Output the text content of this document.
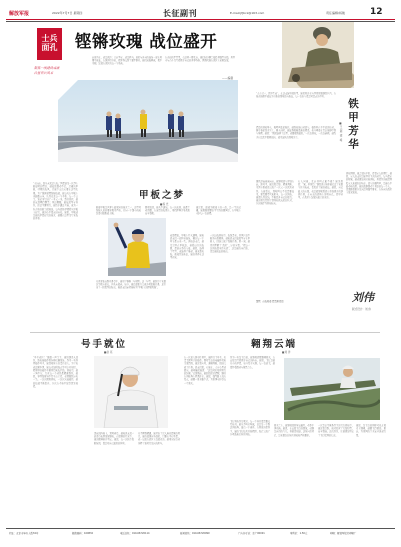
解放军报	2022年7月7日 星期四	长征副刊	E-mail:jfjbcz@163.com	责任编辑/杨骏	12
士兵
面孔
聚焦一线建设成就
凸显官兵风采
铿锵玫瑰 战位盛开
兵员所在，就是战位；官兵坚守，就是担当。他们与各自的装备一起在风雨中成长，在演训中淬炼，把青春交给了强军事业。她们英姿飒爽，柔中带刚，绽放在战位的每一个角落。
在火热的军营里，有这样一群女兵，她们以巾帼之姿投身强军实践，用坚守与奋斗书写着属于自己的青春答卷，铿锵玫瑰在战位上竞相绽放。
——编者
铁甲芳华
■王 超 梁 峰
“人车合一，铁甲生威”。在这支装甲部队里，她们用汗水与坚韧征服钢铁巨兽，在炮火硝烟中成长为合格的驾驶员与炮长，每一次出车都是对意志的考验。
清晨的训练场上，轰鸣声此起彼伏。她熟练地启动战车，操纵杆在手中灵活转动，履带卷起漫天尘土。刚入伍时，她连驾驶舱都难以爬进，如今却能在复杂地形中驾车驰骋。她说：“既然选择了这里，就要做到最好。”一次次训练，一次次磨砺，她终于在比武中脱颖而出，成为连队的驾驶尖子。
甲板之梦
■杨 光
“入伍前，我从未见过大海。”回想起第一次登上航母时的情景，她依然激动不已。辽阔的甲板、呼啸的海风，让她下定决心要在这里扎根。为了掌握起降保障技能，她每天在甲板上奔跑数万步，认真记录每一个手势、每一个口令，笔记本写满了一本又一本。烈日炙烤，她的皮肤晒得黝黑；风浪颠簸，她依然坚守岗位。经过不懈努力，她终于通过考核，成为一名合格的航空保障员。每当战机呼啸着从甲板上起飞，她的心中都充满自豪。她说，甲板就是她的梦想起飞的地方，她要在这里书写无悔的青春。
航母甲板是世界上最危险的地方之一，这里对保障人员的要求极为严格，任何一个细小的疏忽都可能酿成大祸。
面对挑战，她从不退缩。每一次夜训，她都主动请缨，在漆黑的海面上，用指挥棒引导战机安全着舰。
她常说，能成为航母上的一员，是一生的荣耀。她愿做那颗永不生锈的螺丝钉，在甲板上守护每一次起降。
夜幕降临，甲板上灯火通明。她和战友们一起检查装备，确认每一个环节都万无一失。训练结束后，她常常坐在甲板边，望着远方的海面，想起家乡的父母。她说，选择了军营，就选择了奉献，她无怨无悔。航母劈波斩浪，她的青春在这里闪光。
一次远海训练中，海况恶劣，狂风巨浪不断冲击着舰体。她和战友们依然坚守在甲板上，圆满完成了保障任务。那一刻，她真正理解了“战位”二字的分量。“把每一次训练都当作实战”，这是她的座右铭，也是她成长的秘诀。
从青涩新兵到业务骨干，她用了整整三年时间。这三年里，她经历了无数次失败与重来，但从未放弃。如今，她已能独立完成多项保障任务，还带出了一批优秀的徒弟，被战友们亲切地称为“甲板上的铿锵玫瑰”。
钢铁洪流滚滚向前，她驾驶战车冲锋在前。演习中，她沉着冷静，精准判断，带领车组成员完成了一次又一次战术动作。在她看来，驾驶坦克不仅需要技术，更需要勇气和担当。每一次训练，她都认真总结，不断提升自己的能力。她的努力得到了领导和战友们的认可，多次被评为训练标兵。
有人问她，女兵开坦克累不累？她笑着说：“累，但值得。”钢铁战车陪伴她度过了无数个日日夜夜，也见证了她的成长。她说，自己最大的心愿，就是能驾驶着战车参加更多的演训任务，在未来的战场上证明自己。铁甲芳华，在战位上绽放出最美的光彩。
训练间隙，她会拿出手机，看看家人的照片。她说，家人的支持是她坚持下去的动力。每当想家的时候，她就更加刻苦地训练，用优异的成绩回报家人和部队的培养。战车的轰鸣声，是她心中最动听的歌。她的故事感动了身边的每一个人，也激励着更多女兵投身强军事业，在各自的战位上发光发热。
题图：南海某部 霍思涵 摄影	刘伟
版式设计：刘 伟
号手就位
■赵 亮
翱翔云端
■刘 洋
“号手就位！”随着一声令下，她迅速进入战位，熟练地操作着各种仪器设备。作为一名导弹操作号手，她深知肩上的责任重大。为了练就过硬本领，她每天加班加点学习专业知识，把厚厚的操作手册背得滚瓜烂熟。训练中，她一丝不苟，力求每一个动作都精准到位。她说，导弹发射容不得半点差错，必须做到万无一失。一次次模拟训练，一次次实装操作，她的技能不断提升，多次在考核中取得优异成绩。
深夜的阵地上，寒风刺骨。她和战友们一起进行夜间发射演练，在微弱的灯光下，她的眼神格外坚定。她说，每一次按下发射按钮，都是对自己最好的检验。
从不懂到精通，她付出了常人难以想象的努力。她的故事告诉我们，只要心中有梦想，就一定能在战位上绽放光彩。她用实际行动诠释了新时代女兵的担当。
在一次重大演习任务中，她担任主号手，负责关键环节的操作。面对复杂的电磁环境和突发情况，她沉着应对，准确判断，圆满完成了任务。战友们说，有她在，大家心里就踏实。她却谦虚地说：“这是团队共同努力的结果。”荣誉面前，她始终保持清醒，继续在训练场上挥洒汗水。她说，强军路上没有终点，她要一直奔跑下去，为祖国守护好每一寸蓝天。
作为一名女飞行员，她驾驶战鹰翱翔蓝天，在云端书写着属于自己的传奇。她说，飞行是她从小的梦想，如今终于实现。每一次起飞，她都怀着激动与敬畏之心。
飞行训练异常艰苦，每一个科目都需要反复练习。她从不叫苦叫累，总是第一个到达训练场，最后一个离开。在教员的指导下，她的飞行技术日益精湛，先后完成了多项高难度科目训练。
蓝天之上，她驾驶战机穿云破雾，动作干净利落。她说，在云端飞行的感觉，就像是自由的鸟儿。但她也知道，这份自由背后，是无数次的刻苦训练和严格要求。
一次复杂气象条件下的飞行训练中，她沉着冷静，成功处置了突发特情，安全着陆。这次经历，让她更加坚定了飞行报国的信念。
她说，女飞行员同样可以在蓝天上翱翔，她要飞得更高、更远，为祖国的空天安全贡献力量。
社址：北京市阜外大街34号	邮政编码：100832	电话总机：010-66720114	新闻热线：010-66720999	广告许可证：京广00001	零售价：1.50元	印刷：解放军报社印刷厂
